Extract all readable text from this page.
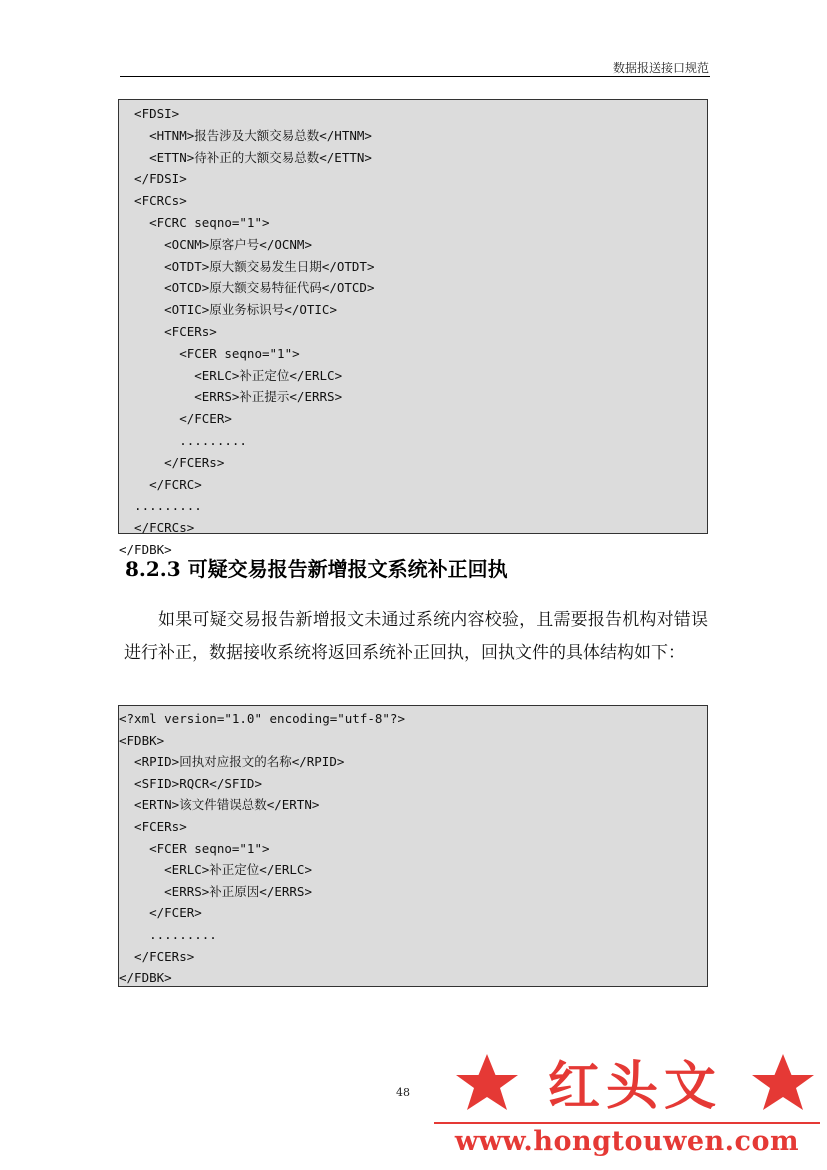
数据报送接口规范
<FDSI>
<HTNM>报告涉及大额交易总数</HTNM>
<ETTN>待补正的大额交易总数</ETTN>
</FDSI>
<FCRCs>
<FCRC seqno="1">
<OCNM>原客户号</OCNM>
<OTDT>原大额交易发生日期</OTDT>
<OTCD>原大额交易特征代码</OTCD>
<OTIC>原业务标识号</OTIC>
<FCERs>
<FCER seqno="1">
<ERLC>补正定位</ERLC>
<ERRS>补正提示</ERRS>
</FCER>
.........
</FCERs>
</FCRC>
.........
</FCRCs>
</FDBK>
8.2.3 可疑交易报告新增报文系统补正回执
如果可疑交易报告新增报文未通过系统内容校验，且需要报告机构对错误进行补正，数据接收系统将返回系统补正回执，回执文件的具体结构如下：
<?xml version="1.0" encoding="utf-8"?>
<FDBK>
<RPID>回执对应报文的名称</RPID>
<SFID>RQCR</SFID>
<ERTN>该文件错误总数</ERTN>
<FCERs>
<FCER seqno="1">
<ERLC>补正定位</ERLC>
<ERRS>补正原因</ERRS>
</FCER>
.........
</FCERs>
</FDBK>
48	红头文
www.hongtouwen.com
